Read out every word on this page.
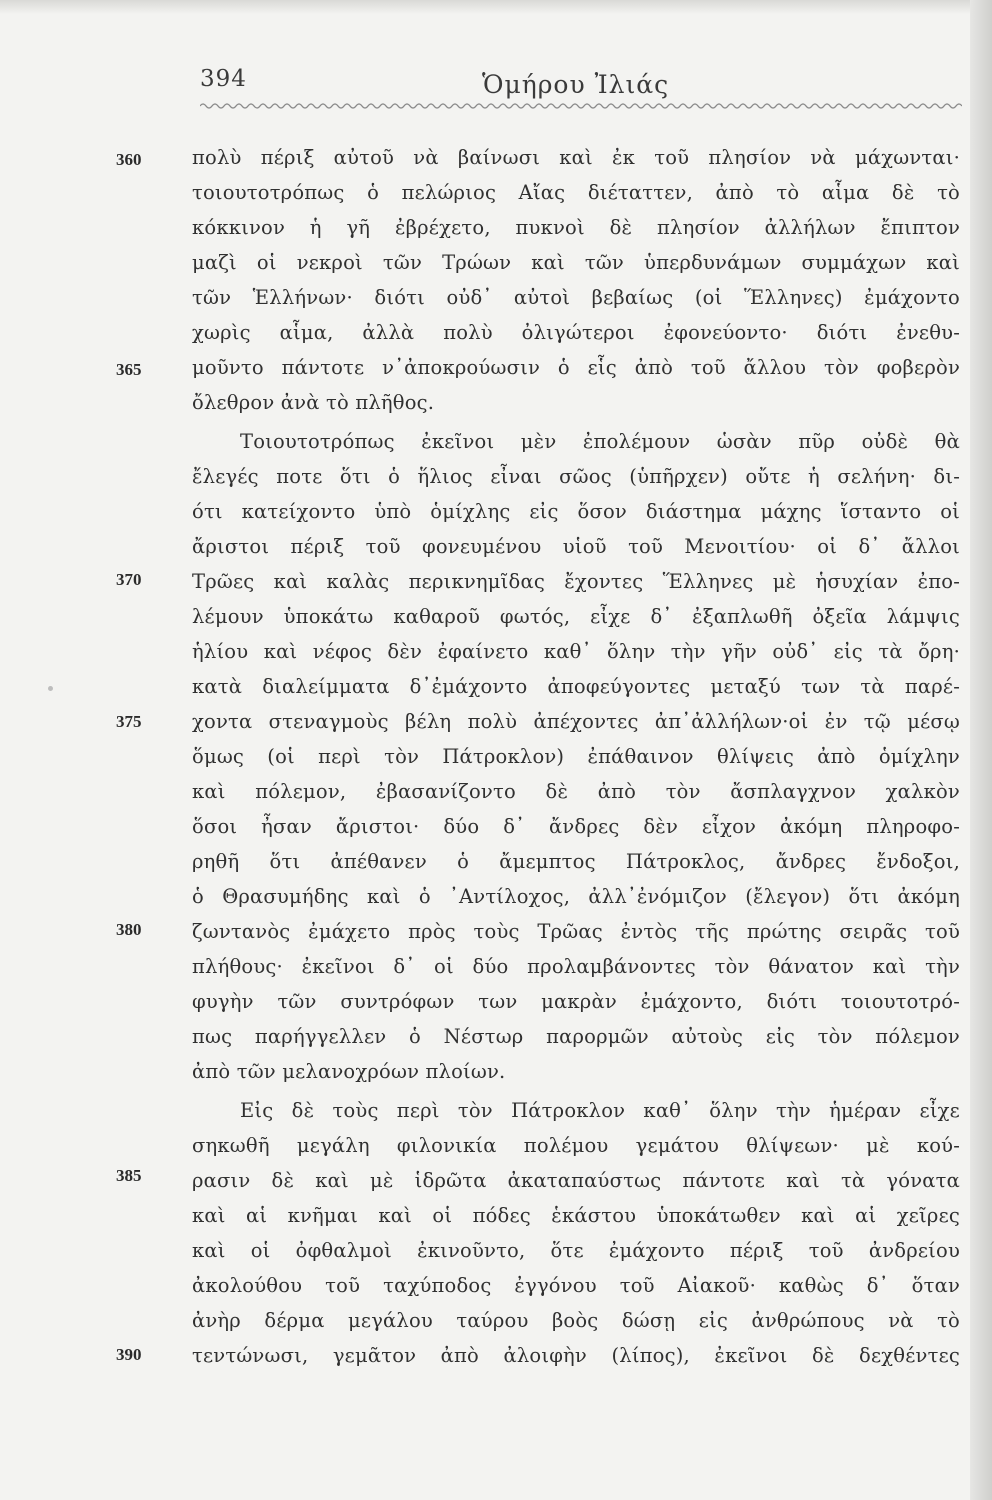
394	Ὁμήρου Ἰλιάς
360
365
370
375
380
385
390
πολὺ πέριξ αὐτοῦ νὰ βαίνωσι καὶ ἐκ τοῦ πλησίον νὰ μάχωνται·
τοιουτοτρόπως ὁ πελώριος Αἴας διέταττεν, ἀπὸ τὸ αἷμα δὲ τὸ
κόκκινον ἡ γῆ ἐβρέχετο, πυκνοὶ δὲ πλησίον ἀλλήλων ἔπιπτον
μαζὶ οἱ νεκροὶ τῶν Τρώων καὶ τῶν ὑπερδυνάμων συμμάχων καὶ
τῶν Ἑλλήνων· διότι οὐδ᾽ αὐτοὶ βεβαίως (οἱ Ἕλληνες) ἐμάχοντο
χωρὶς αἷμα, ἀλλὰ πολὺ ὀλιγώτεροι ἐφονεύοντο· διότι ἐνεθυ-
μοῦντο πάντοτε ν᾽ἀποκρούωσιν ὁ εἷς ἀπὸ τοῦ ἄλλου τὸν φοβερὸν
ὄλεθρον ἀνὰ τὸ πλῆθος.
Τοιουτοτρόπως ἐκεῖνοι μὲν ἐπολέμουν ὡσὰν πῦρ οὐδὲ θὰ
ἔλεγές ποτε ὅτι ὁ ἥλιος εἶναι σῶος (ὑπῆρχεν) οὔτε ἡ σελήνη· δι-
ότι κατείχοντο ὑπὸ ὁμίχλης εἰς ὅσον διάστημα μάχης ἵσταντο οἱ
ἄριστοι πέριξ τοῦ φονευμένου υἱοῦ τοῦ Μενοιτίου· οἱ δ᾽ ἄλλοι
Τρῶες καὶ καλὰς περικνημῖδας ἔχοντες Ἕλληνες μὲ ἡσυχίαν ἐπο-
λέμουν ὑποκάτω καθαροῦ φωτός, εἶχε δ᾽ ἐξαπλωθῆ ὀξεῖα λάμψις
ἡλίου καὶ νέφος δὲν ἐφαίνετο καθ᾽ ὅλην τὴν γῆν οὐδ᾽ εἰς τὰ ὄρη·
κατὰ διαλείμματα δ᾽ἐμάχοντο ἀποφεύγοντες μεταξύ των τὰ παρέ-
χοντα στεναγμοὺς βέλη πολὺ ἀπέχοντες ἀπ᾽ἀλλήλων·οἱ ἐν τῷ μέσῳ
ὅμως (οἱ περὶ τὸν Πάτροκλον) ἐπάθαινον θλίψεις ἀπὸ ὁμίχλην
καὶ πόλεμον, ἐβασανίζοντο δὲ ἀπὸ τὸν ἄσπλαγχνον χαλκὸν
ὅσοι ἦσαν ἄριστοι· δύο δ᾽ ἄνδρες δὲν εἶχον ἀκόμη πληροφο-
ρηθῆ ὅτι ἀπέθανεν ὁ ἄμεμπτος Πάτροκλος, ἄνδρες ἔνδοξοι,
ὁ Θρασυμήδης καὶ ὁ ᾽Αντίλοχος, ἀλλ᾽ἐνόμιζον (ἔλεγον) ὅτι ἀκόμη
ζωντανὸς ἐμάχετο πρὸς τοὺς Τρῶας ἐντὸς τῆς πρώτης σειρᾶς τοῦ
πλήθους· ἐκεῖνοι δ᾽ οἱ δύο προλαμβάνοντες τὸν θάνατον καὶ τὴν
φυγὴν τῶν συντρόφων των μακρὰν ἐμάχοντο, διότι τοιουτοτρό-
πως παρήγγελλεν ὁ Νέστωρ παρορμῶν αὐτοὺς εἰς τὸν πόλεμον
ἀπὸ τῶν μελανοχρόων πλοίων.
Εἰς δὲ τοὺς περὶ τὸν Πάτροκλον καθ᾽ ὅλην τὴν ἡμέραν εἶχε
σηκωθῆ μεγάλη φιλονικία πολέμου γεμάτου θλίψεων· μὲ κού-
ρασιν δὲ καὶ μὲ ἱδρῶτα ἀκαταπαύστως πάντοτε καὶ τὰ γόνατα
καὶ αἱ κνῆμαι καὶ οἱ πόδες ἑκάστου ὑποκάτωθεν καὶ αἱ χεῖρες
καὶ οἱ ὀφθαλμοὶ ἐκινοῦντο, ὅτε ἐμάχοντο πέριξ τοῦ ἀνδρείου
ἀκολούθου τοῦ ταχύποδος ἐγγόνου τοῦ Αἰακοῦ· καθὼς δ᾽ ὅταν
ἀνὴρ δέρμα μεγάλου ταύρου βοὸς δώσῃ εἰς ἀνθρώπους νὰ τὸ
τεντώνωσι, γεμᾶτον ἀπὸ ἀλοιφὴν (λίπος), ἐκεῖνοι δὲ δεχθέντες
